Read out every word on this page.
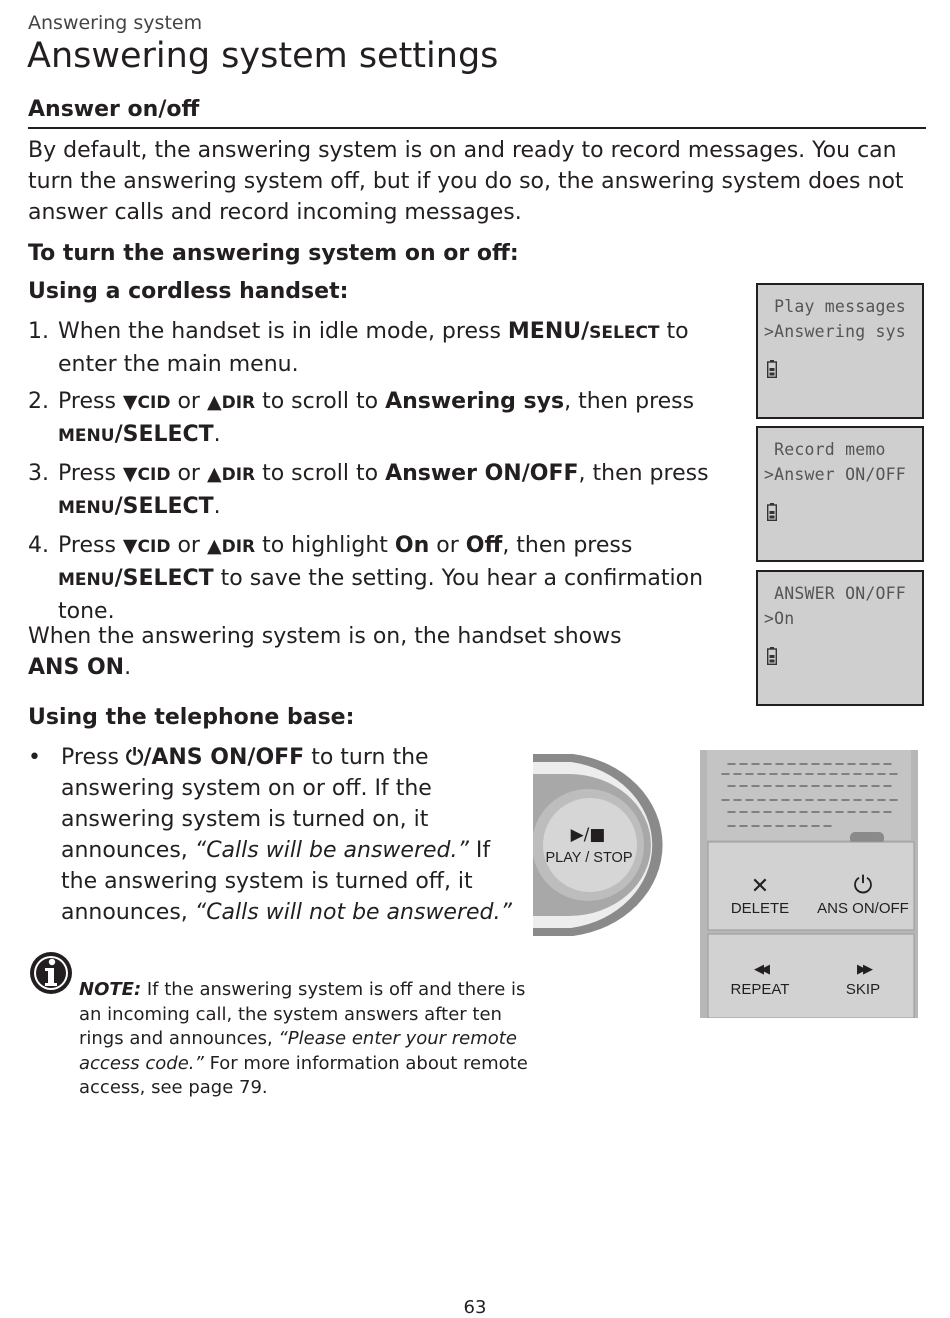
Answering system
Answering system settings
Answer on/off

By default, the answering system is on and ready to record messages. You can turn the answering system off, but if you do so, the answering system does not answer calls and record incoming messages.

To turn the answering system on or off:
Using a cordless handset:
1. When the handset is in idle mode, press MENU/SELECT to enter the main menu.
2. Press ▼CID or ▲DIR to scroll to Answering sys, then press MENU/SELECT.
3. Press ▼CID or ▲DIR to scroll to Answer ON/OFF, then press MENU/SELECT.
4. Press ▼CID or ▲DIR to highlight On or Off, then press MENU/SELECT to save the setting. You hear a confirmation tone.

When the answering system is on, the handset shows ANS ON.

Using the telephone base:
• Press ⏻/ANS ON/OFF to turn the answering system on or off. If the answering system is turned on, it announces, “Calls will be answered.” If the answering system is turned off, it announces, “Calls will not be answered.”
NOTE: If the answering system is off and there is an incoming call, the system answers after ten rings and announces, “Please enter your remote access code.” For more information about remote access, see page 79.
Play messages
>Answering sys
Record memo
>Answer ON/OFF
ANSWER ON/OFF
>On
▶/■
PLAY / STOP
✕
DELETE
⏻
ANS ON/OFF
◀◀
REPEAT
▶▶
SKIP
63
